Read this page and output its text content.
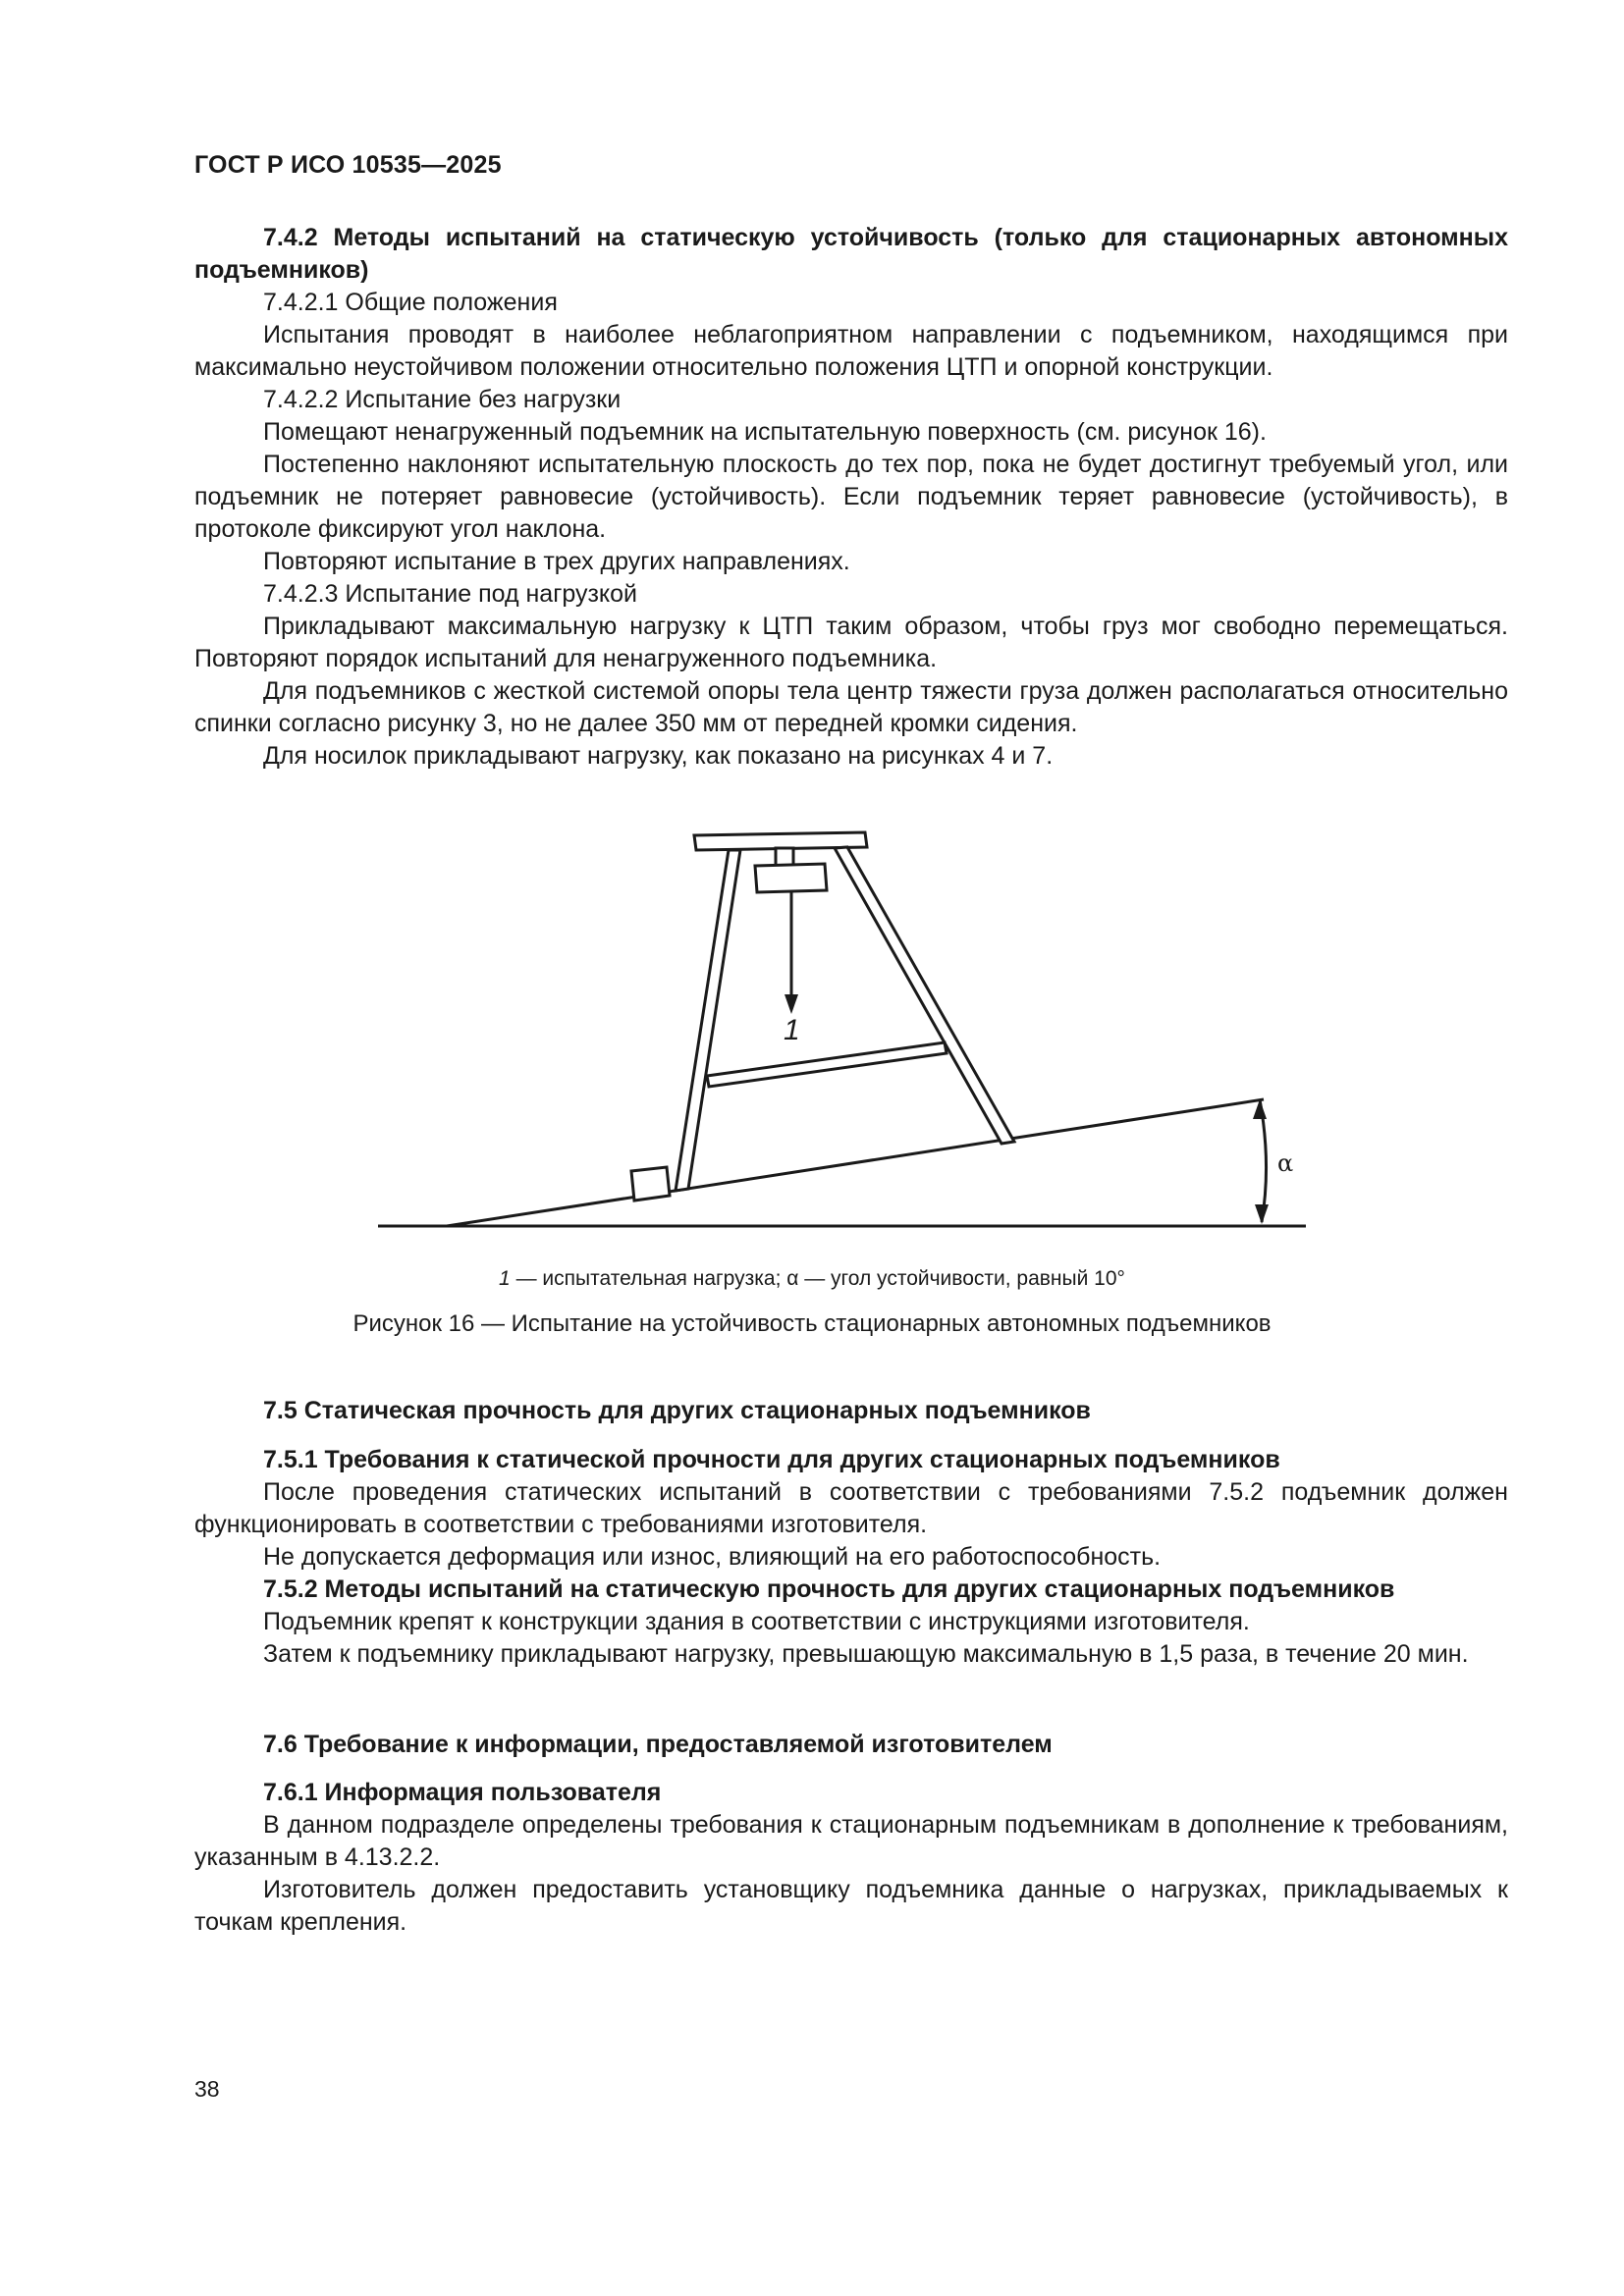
ГОСТ Р ИСО 10535—2025

7.4.2 Методы испытаний на статическую устойчивость (только для стационарных автономных подъемников)

7.4.2.1 Общие положения

Испытания проводят в наиболее неблагоприятном направлении с подъемником, находящимся при максимально неустойчивом положении относительно положения ЦТП и опорной конструкции.

7.4.2.2 Испытание без нагрузки

Помещают ненагруженный подъемник на испытательную поверхность (см. рисунок 16).

Постепенно наклоняют испытательную плоскость до тех пор, пока не будет достигнут требуемый угол, или подъемник не потеряет равновесие (устойчивость). Если подъемник теряет равновесие (устойчивость), в протоколе фиксируют угол наклона.

Повторяют испытание в трех других направлениях.

7.4.2.3 Испытание под нагрузкой

Прикладывают максимальную нагрузку к ЦТП таким образом, чтобы груз мог свободно перемещаться. Повторяют порядок испытаний для ненагруженного подъемника.

Для подъемников с жесткой системой опоры тела центр тяжести груза должен располагаться относительно спинки согласно рисунку 3, но не далее 350 мм от передней кромки сидения.

Для носилок прикладывают нагрузку, как показано на рисунках 4 и 7.

1
α
1 — испытательная нагрузка; α — угол устойчивости, равный 10°
Рисунок 16 — Испытание на устойчивость стационарных автономных подъемников

7.5 Статическая прочность для других стационарных подъемников

7.5.1 Требования к статической прочности для других стационарных подъемников

После проведения статических испытаний в соответствии с требованиями 7.5.2 подъемник должен функционировать в соответствии с требованиями изготовителя.

Не допускается деформация или износ, влияющий на его работоспособность.

7.5.2 Методы испытаний на статическую прочность для других стационарных подъемников

Подъемник крепят к конструкции здания в соответствии с инструкциями изготовителя.

Затем к подъемнику прикладывают нагрузку, превышающую максимальную в 1,5 раза, в течение 20 мин.

7.6 Требование к информации, предоставляемой изготовителем

7.6.1 Информация пользователя

В данном подразделе определены требования к стационарным подъемникам в дополнение к требованиям, указанным в 4.13.2.2.

Изготовитель должен предоставить установщику подъемника данные о нагрузках, прикладываемых к точкам крепления.

38
